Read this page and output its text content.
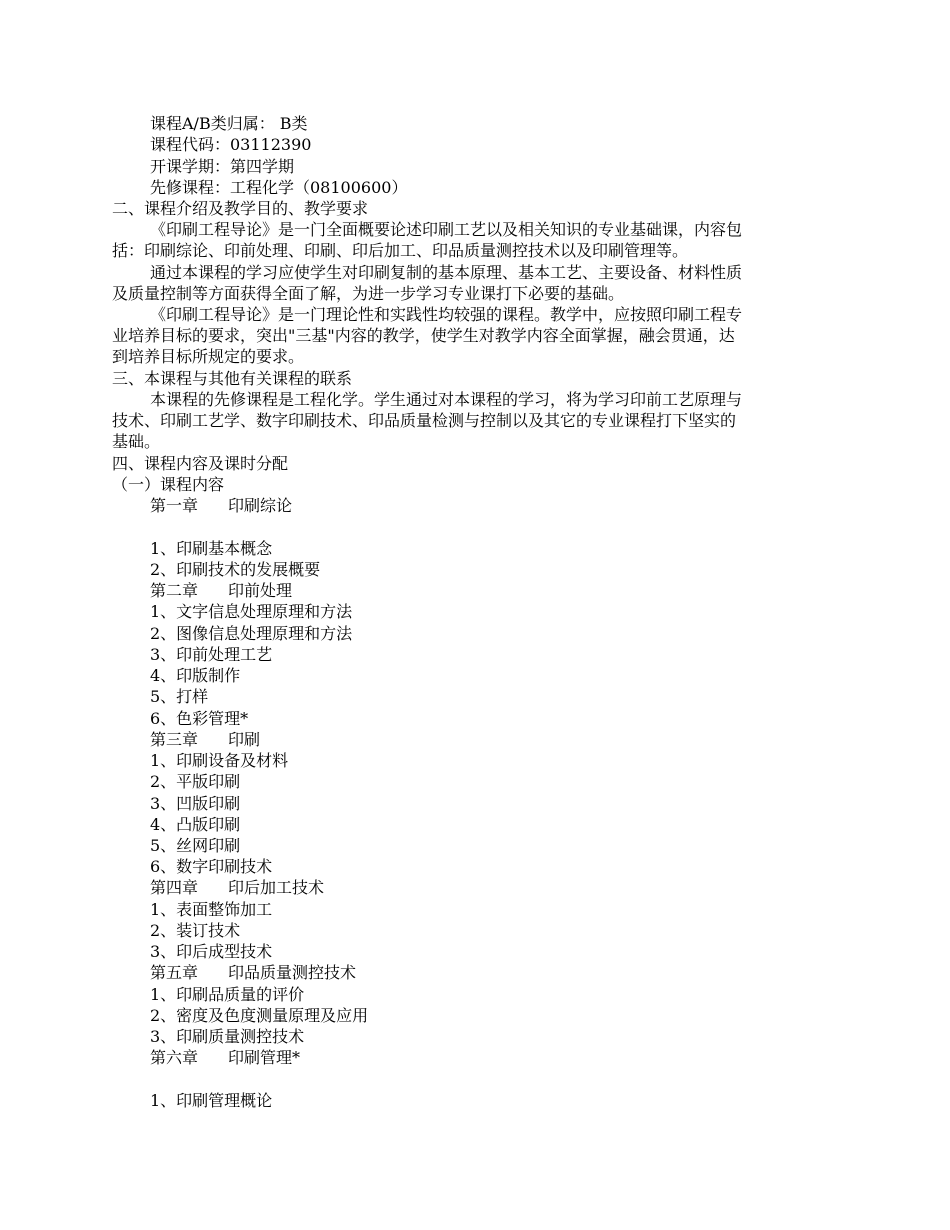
课程A/B类归属： B类
课程代码：03112390
开课学期：第四学期
先修课程：工程化学（08100600）
二、课程介绍及教学目的、教学要求
《印刷工程导论》是一门全面概要论述印刷工艺以及相关知识的专业基础课，内容包
括：印刷综论、印前处理、印刷、印后加工、印品质量测控技术以及印刷管理等。
通过本课程的学习应使学生对印刷复制的基本原理、基本工艺、主要设备、材料性质
及质量控制等方面获得全面了解，为进一步学习专业课打下必要的基础。
《印刷工程导论》是一门理论性和实践性均较强的课程。教学中，应按照印刷工程专
业培养目标的要求，突出"三基"内容的教学，使学生对教学内容全面掌握，融会贯通，达
到培养目标所规定的要求。
三、本课程与其他有关课程的联系
本课程的先修课程是工程化学。学生通过对本课程的学习，将为学习印前工艺原理与
技术、印刷工艺学、数字印刷技术、印品质量检测与控制以及其它的专业课程打下坚实的
基础。
四、课程内容及课时分配
（一）课程内容
第一章 印刷综论
1、印刷基本概念
2、印刷技术的发展概要
第二章 印前处理
1、文字信息处理原理和方法
2、图像信息处理原理和方法
3、印前处理工艺
4、印版制作
5、打样
6、色彩管理*
第三章 印刷
1、印刷设备及材料
2、平版印刷
3、凹版印刷
4、凸版印刷
5、丝网印刷
6、数字印刷技术
第四章 印后加工技术
1、表面整饰加工
2、装订技术
3、印后成型技术
第五章 印品质量测控技术
1、印刷品质量的评价
2、密度及色度测量原理及应用
3、印刷质量测控技术
第六章 印刷管理*
1、印刷管理概论
